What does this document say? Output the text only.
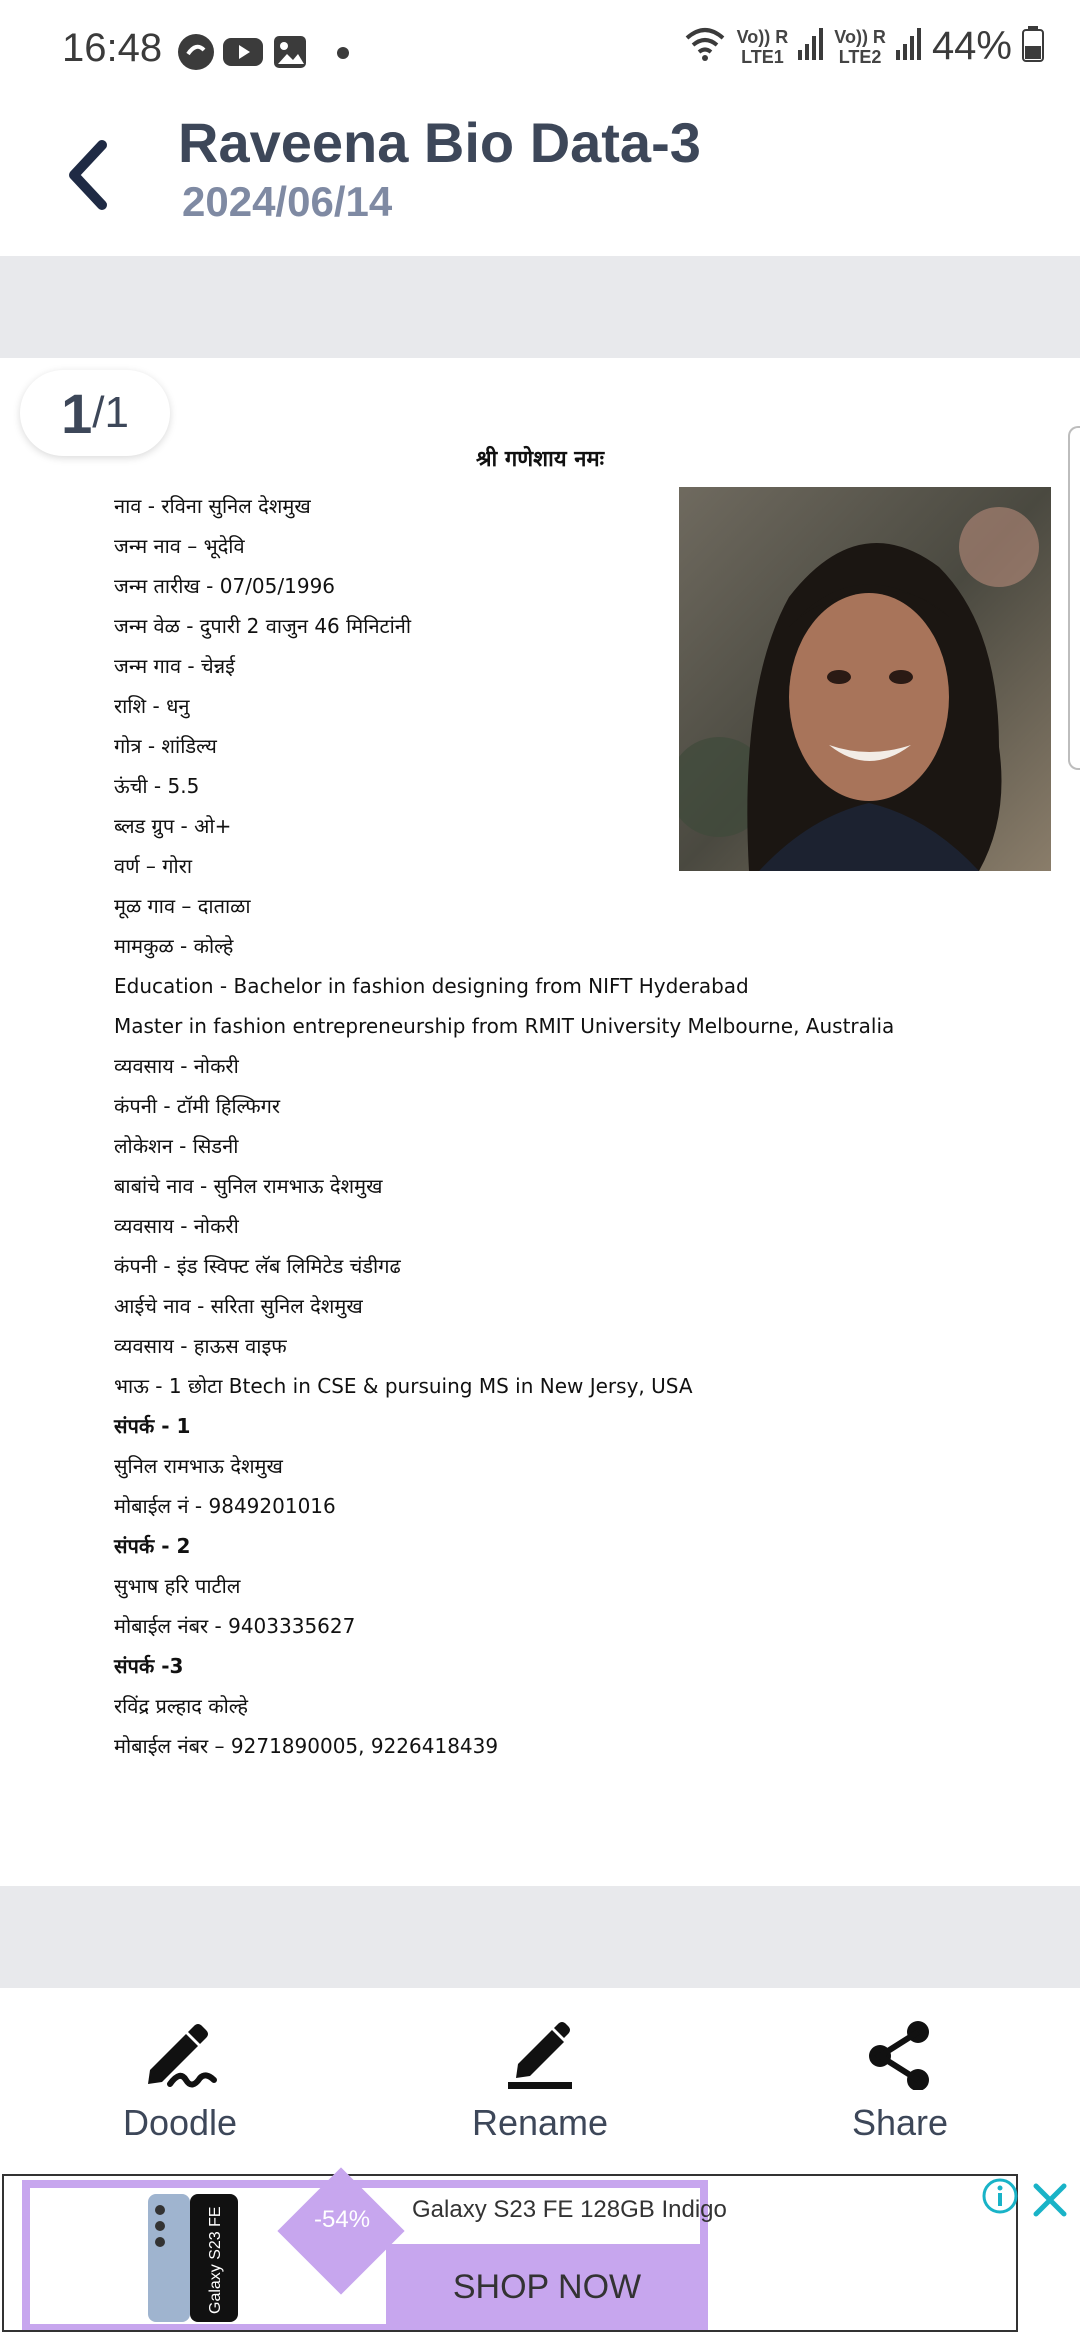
16:48	Vo)) R
LTE1
Vo)) R
LTE2 44%
Raveena Bio Data-3
2024/06/14
1 /1
श्री गणेशाय नमः
नाव - रविना सुनिल देशमुख
जन्म नाव – भूदेवि
जन्म तारीख - 07/05/1996
जन्म वेळ - दुपारी 2 वाजुन 46 मिनिटांनी
जन्म गाव - चेन्नई
राशि - धनु
गोत्र - शांडिल्य
ऊंची - 5.5
ब्लड ग्रुप - ओ+
वर्ण – गोरा
मूळ गाव – दाताळा
मामकुळ - कोल्हे
Education - Bachelor in fashion designing from NIFT Hyderabad
Master in fashion entrepreneurship from RMIT University Melbourne, Australia
व्यवसाय - नोकरी
कंपनी - टॉमी हिल्फिगर
लोकेशन - सिडनी
बाबांचे नाव - सुनिल रामभाऊ देशमुख
व्यवसाय - नोकरी
कंपनी - इंड स्विफ्ट लॅब लिमिटेड चंडीगढ
आईचे नाव - सरिता सुनिल देशमुख
व्यवसाय - हाऊस वाइफ
भाऊ - 1 छोटा Btech in CSE & pursuing MS in New Jersy, USA
संपर्क - 1
सुनिल रामभाऊ देशमुख
मोबाईल नं - 9849201016
संपर्क - 2
सुभाष हरि पाटील
मोबाईल नंबर - 9403335627
संपर्क -3
रविंद्र प्रल्हाद कोल्हे
मोबाईल नंबर – 9271890005, 9226418439
Doodle	Rename	Share
Galaxy S23 FE	Galaxy S23 FE 128GB Indigo
SHOP NOW
-54%
